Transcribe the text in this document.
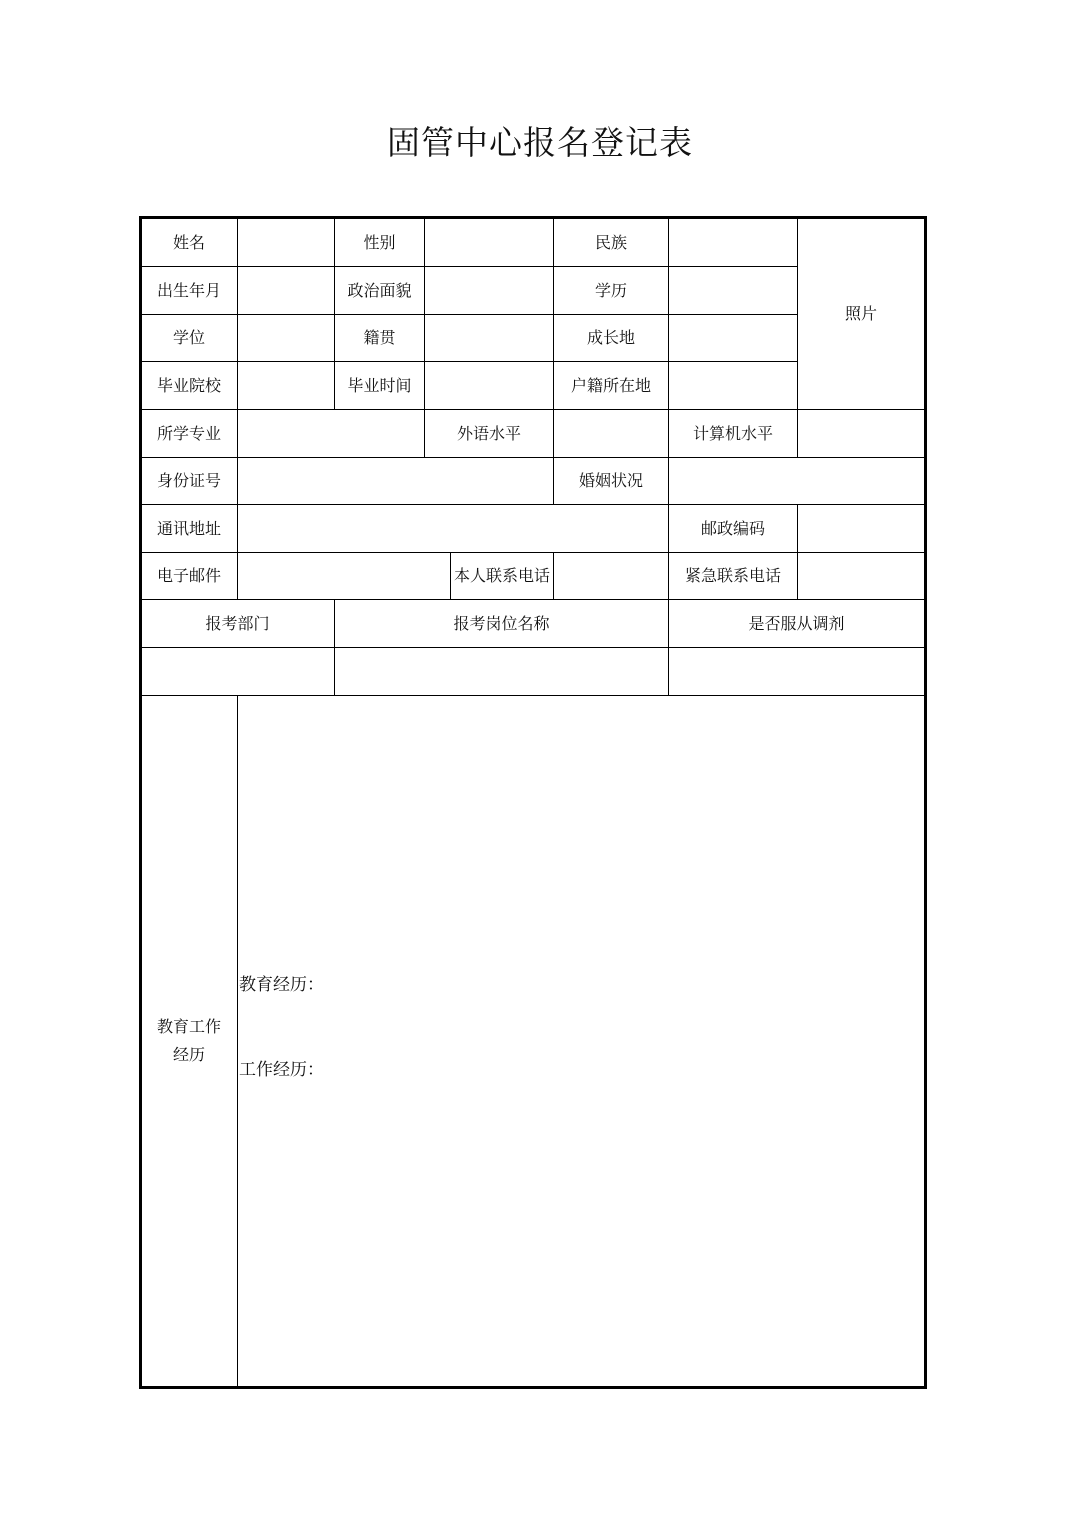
固管中心报名登记表
姓名	性别	民族
照片
出生年月	政治面貌	学历
学位	籍贯	成长地
毕业院校	毕业时间	户籍所在地
所学专业	外语水平	计算机水平
身份证号	婚姻状况
通讯地址	邮政编码
电子邮件	本人联系电话	紧急联系电话
报考部门	报考岗位名称	是否服从调剂
教育工作
经历
教育经历：
工作经历：
